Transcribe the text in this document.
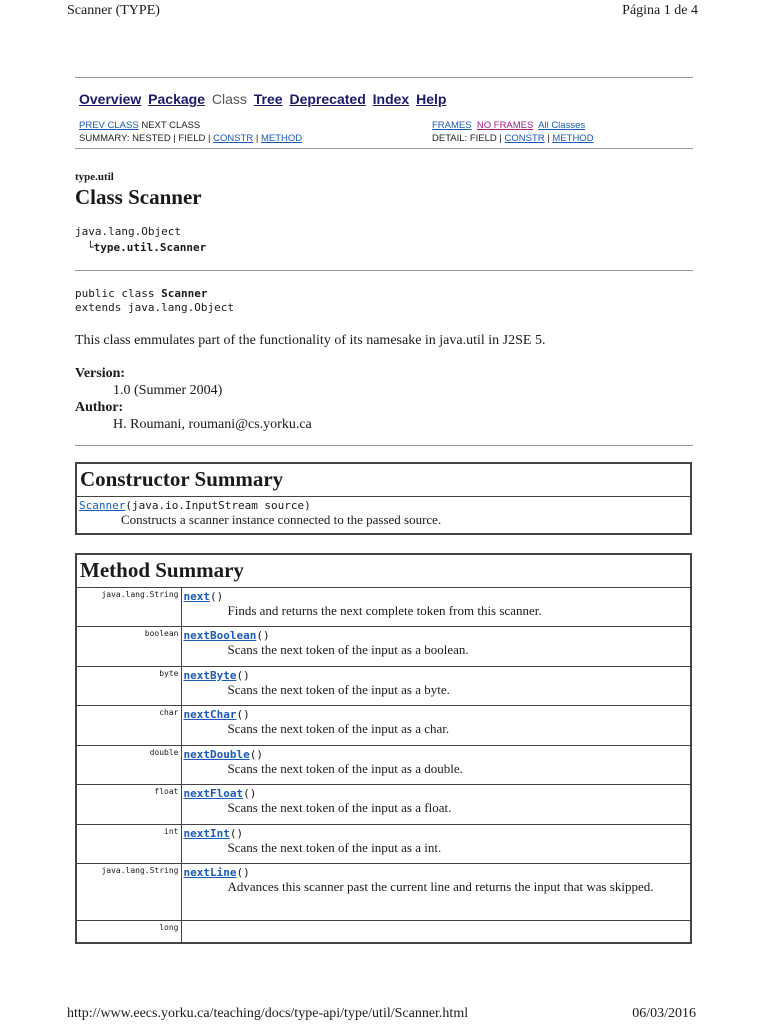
Scanner (TYPE)	Página 1 de 4
Overview Package Class Tree Deprecated Index Help
PREV CLASS NEXT CLASS	FRAMES NO FRAMES All Classes
SUMMARY: NESTED | FIELD | CONSTR | METHOD	DETAIL: FIELD | CONSTR | METHOD
type.util
Class Scanner
java.lang.Object
└type.util.Scanner
public class Scanner
extends java.lang.Object
This class emmulates part of the functionality of its namesake in java.util in J2SE 5.
Version:
1.0 (Summer 2004)
Author:
H. Roumani, roumani@cs.yorku.ca
Constructor Summary

Scanner(java.io.InputStream source)
Constructs a scanner instance connected to the passed source.
Method Summary	
java.lang.String	next()
Finds and returns the next complete token from this scanner.

boolean	nextBoolean()
Scans the next token of the input as a boolean.

byte	nextByte()
Scans the next token of the input as a byte.

char	nextChar()
Scans the next token of the input as a char.

double	nextDouble()
Scans the next token of the input as a double.

float	nextFloat()
Scans the next token of the input as a float.

int	nextInt()
Scans the next token of the input as a int.

java.lang.String	nextLine()
Advances this scanner past the current line and returns the input that was skipped.

long	
http://www.eecs.yorku.ca/teaching/docs/type-api/type/util/Scanner.html	06/03/2016
